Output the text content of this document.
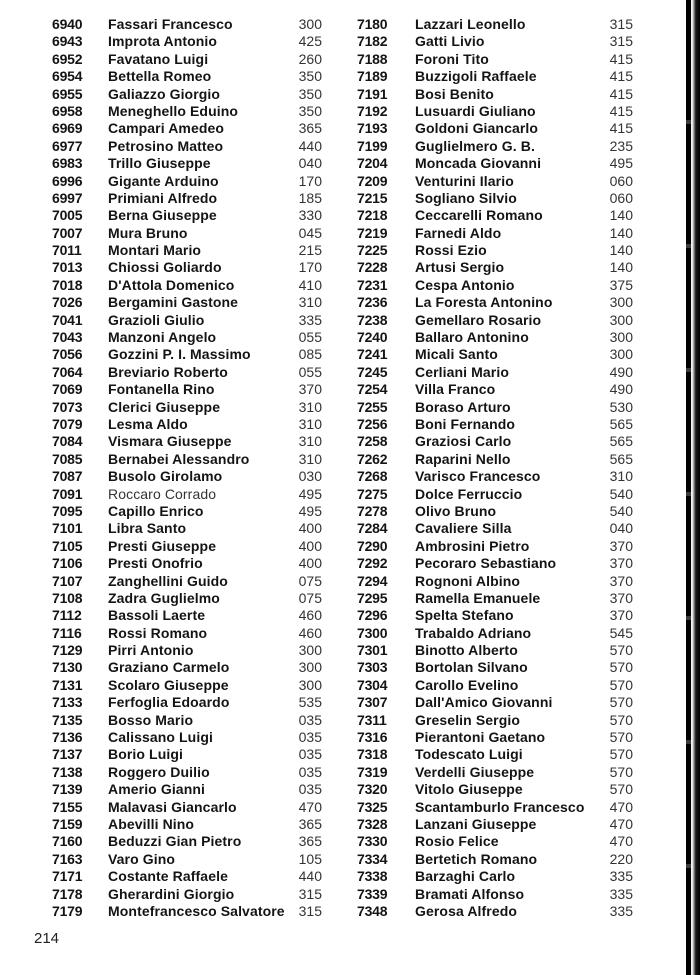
6940	Fassari Francesco	300
6943	Improta Antonio	425
6952	Favatano Luigi	260
6954	Bettella Romeo	350
6955	Galiazzo Giorgio	350
6958	Meneghello Eduino	350
6969	Campari Amedeo	365
6977	Petrosino Matteo	440
6983	Trillo Giuseppe	040
6996	Gigante Arduino	170
6997	Primiani Alfredo	185
7005	Berna Giuseppe	330
7007	Mura Bruno	045
7011	Montari Mario	215
7013	Chiossi Goliardo	170
7018	D'Attola Domenico	410
7026	Bergamini Gastone	310
7041	Grazioli Giulio	335
7043	Manzoni Angelo	055
7056	Gozzini P. I. Massimo	085
7064	Breviario Roberto	055
7069	Fontanella Rino	370
7073	Clerici Giuseppe	310
7079	Lesma Aldo	310
7084	Vismara Giuseppe	310
7085	Bernabei Alessandro	310
7087	Busolo Girolamo	030
7091	Roccaro Corrado	495
7095	Capillo Enrico	495
7101	Libra Santo	400
7105	Presti Giuseppe	400
7106	Presti Onofrio	400
7107	Zanghellini Guido	075
7108	Zadra Guglielmo	075
7112	Bassoli Laerte	460
7116	Rossi Romano	460
7129	Pirri Antonio	300
7130	Graziano Carmelo	300
7131	Scolaro Giuseppe	300
7133	Ferfoglia Edoardo	535
7135	Bosso Mario	035
7136	Calissano Luigi	035
7137	Borio Luigi	035
7138	Roggero Duilio	035
7139	Amerio Gianni	035
7155	Malavasi Giancarlo	470
7159	Abevilli Nino	365
7160	Beduzzi Gian Pietro	365
7163	Varo Gino	105
7171	Costante Raffaele	440
7178	Gherardini Giorgio	315
7179	Montefrancesco Salvatore 315
7180	Lazzari Leonello	315
7182	Gatti Livio	315
7188	Foroni Tito	415
7189	Buzzigoli Raffaele	415
7191	Bosi Benito	415
7192	Lusuardi Giuliano	415
7193	Goldoni Giancarlo	415
7199	Guglielmero G. B.	235
7204	Moncada Giovanni	495
7209	Venturini Ilario	060
7215	Sogliano Silvio	060
7218	Ceccarelli Romano	140
7219	Farnedi Aldo	140
7225	Rossi Ezio	140
7228	Artusi Sergio	140
7231	Cespa Antonio	375
7236	La Foresta Antonino	300
7238	Gemellaro Rosario	300
7240	Ballaro Antonino	300
7241	Micali Santo	300
7245	Cerliani Mario	490
7254	Villa Franco	490
7255	Boraso Arturo	530
7256	Boni Fernando	565
7258	Graziosi Carlo	565
7262	Raparini Nello	565
7268	Varisco Francesco	310
7275	Dolce Ferruccio	540
7278	Olivo Bruno	540
7284	Cavaliere Silla	040
7290	Ambrosini Pietro	370
7292	Pecoraro Sebastiano	370
7294	Rognoni Albino	370
7295	Ramella Emanuele	370
7296	Spelta Stefano	370
7300	Trabaldo Adriano	545
7301	Binotto Alberto	570
7303	Bortolan Silvano	570
7304	Carollo Evelino	570
7307	Dall'Amico Giovanni	570
7311	Greselin Sergio	570
7316	Pierantoni Gaetano	570
7318	Todescato Luigi	570
7319	Verdelli Giuseppe	570
7320	Vitolo Giuseppe	570
7325	Scantamburlo Francesco	470
7328	Lanzani Giuseppe	470
7330	Rosio Felice	470
7334	Bertetich Romano	220
7338	Barzaghi Carlo	335
7339	Bramati Alfonso	335
7348	Gerosa Alfredo	335
214
